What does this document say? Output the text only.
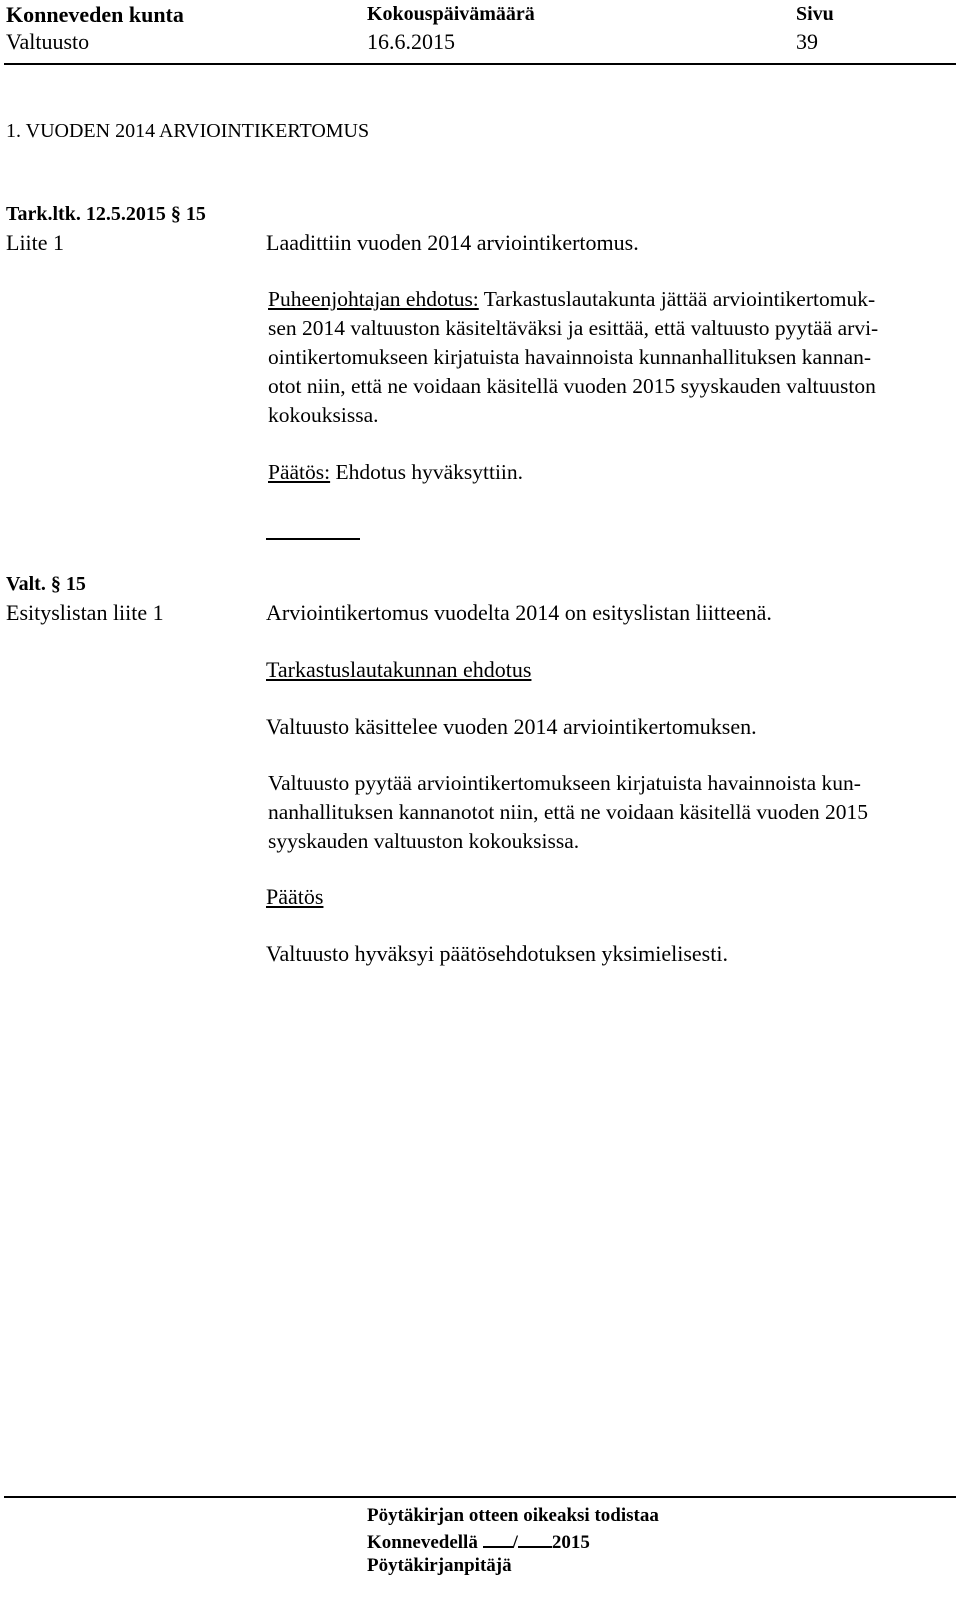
Konneveden kunta	Kokouspäivämäärä	Sivu
Valtuusto	16.6.2015	39
1. VUODEN 2014 ARVIOINTIKERTOMUS
Tark.ltk. 12.5.2015 § 15
Liite 1	Laadittiin vuoden 2014 arviointikertomus.
Puheenjohtajan ehdotus: Tarkastuslautakunta jättää arviointikertomuk-
sen 2014 valtuuston käsiteltäväksi ja esittää, että valtuusto pyytää arvi-
ointikertomukseen kirjatuista havainnoista kunnanhallituksen kannan-
otot niin, että ne voidaan käsitellä vuoden 2015 syyskauden valtuuston
kokouksissa.
Päätös: Ehdotus hyväksyttiin.
Valt. § 15
Esityslistan liite 1	Arviointikertomus vuodelta 2014 on esityslistan liitteenä.
Tarkastuslautakunnan ehdotus
Valtuusto käsittelee vuoden 2014 arviointikertomuksen.
Valtuusto pyytää arviointikertomukseen kirjatuista havainnoista kun-
nanhallituksen kannanotot niin, että ne voidaan käsitellä vuoden 2015
syyskauden valtuuston kokouksissa.
Päätös
Valtuusto hyväksyi päätösehdotuksen yksimielisesti.
Pöytäkirjan otteen oikeaksi todistaa
Konnevedellä / 2015
Pöytäkirjanpitäjä
